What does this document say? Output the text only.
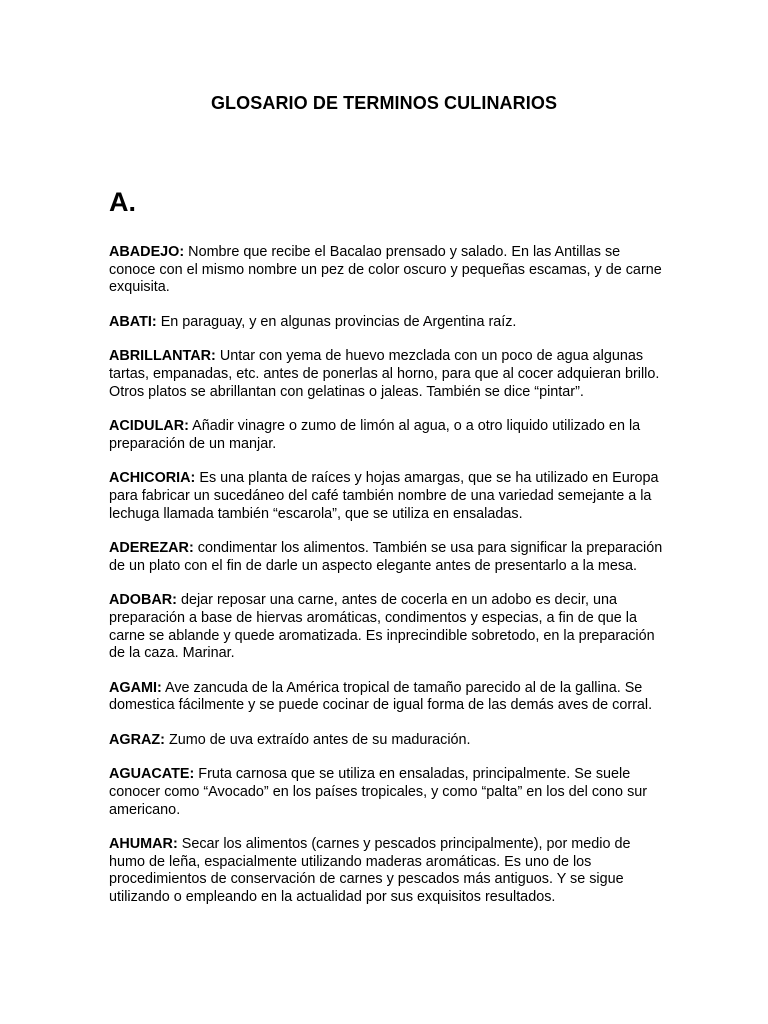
GLOSARIO DE TERMINOS CULINARIOS
A.

ABADEJO: Nombre que recibe el Bacalao prensado y salado. En las Antillas se conoce con el mismo nombre un pez de color oscuro y pequeñas escamas, y de carne exquisita.

ABATI: En paraguay, y en algunas provincias de Argentina raíz.

ABRILLANTAR: Untar con yema de huevo mezclada con un poco de agua algunas tartas, empanadas, etc. antes de ponerlas al horno, para que al cocer adquieran brillo. Otros platos se abrillantan con gelatinas o jaleas. También se dice “pintar”.

ACIDULAR: Añadir vinagre o zumo de limón al agua, o a otro liquido utilizado en la preparación de un manjar.

ACHICORIA: Es una planta de raíces y hojas amargas, que se ha utilizado en Europa para fabricar un sucedáneo del café también nombre de una variedad semejante a la lechuga llamada también “escarola”, que se utiliza en ensaladas.

ADEREZAR: condimentar los alimentos. También se usa para significar la preparación de un plato con el fin de darle un aspecto elegante antes de presentarlo a la mesa.

ADOBAR: dejar reposar una carne, antes de cocerla en un adobo es decir, una preparación a base de hiervas aromáticas, condimentos y especias, a fin de que la carne se ablande y quede aromatizada. Es inprecindible sobretodo, en la preparación de la caza. Marinar.

AGAMI: Ave zancuda de la América tropical de tamaño parecido al de la gallina. Se domestica fácilmente y se puede cocinar de igual forma de las demás aves de corral.

AGRAZ: Zumo de uva extraído antes de su maduración.

AGUACATE: Fruta carnosa que se utiliza en ensaladas, principalmente. Se suele conocer como “Avocado” en los países tropicales, y como “palta” en los del cono sur americano.

AHUMAR: Secar los alimentos (carnes y pescados principalmente), por medio de humo de leña, espacialmente utilizando maderas aromáticas. Es uno de los procedimientos de conservación de carnes y pescados más antiguos. Y se sigue utilizando o empleando en la actualidad por sus exquisitos resultados.
